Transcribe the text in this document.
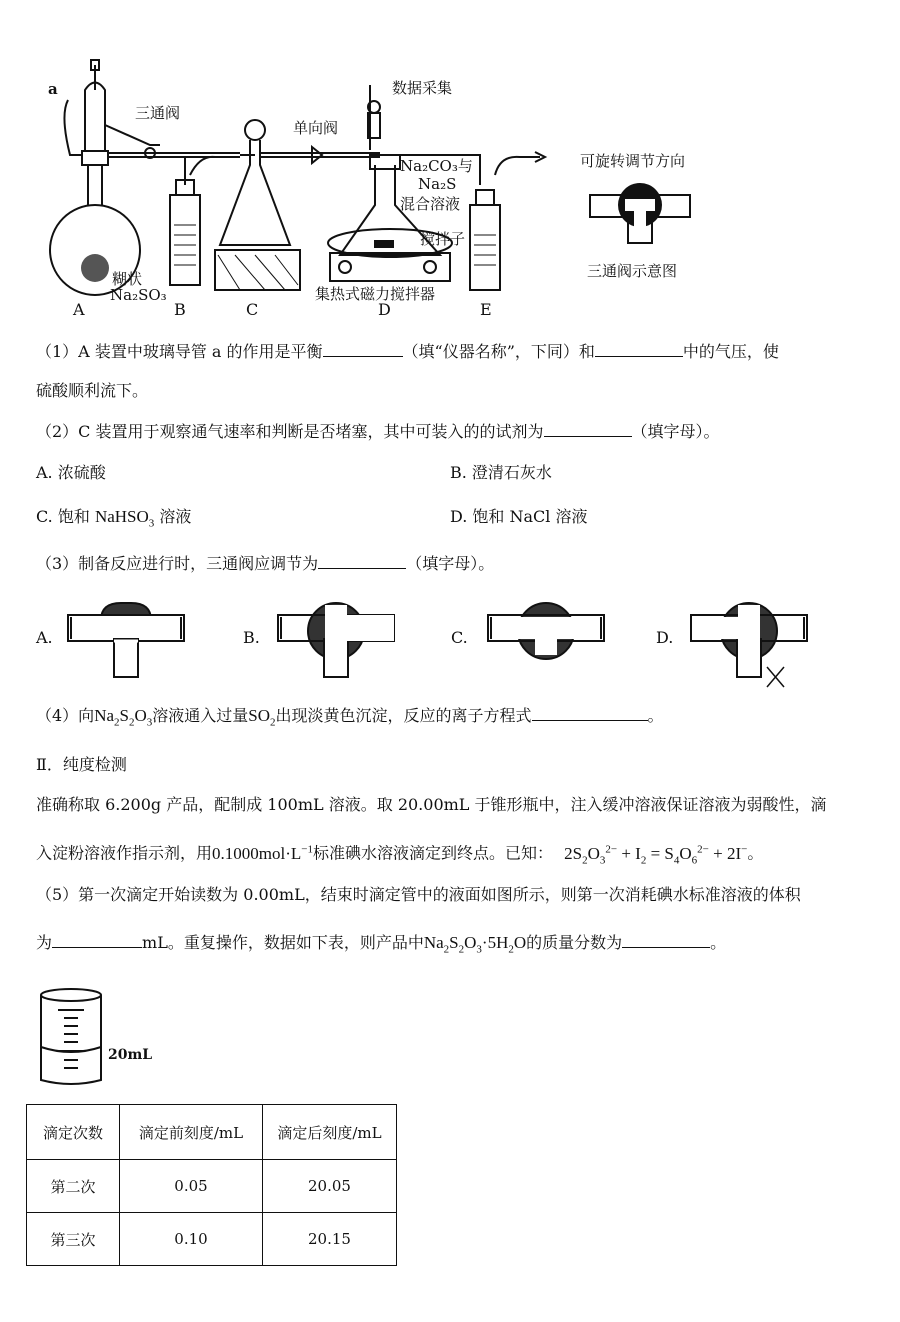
a
三通阀
单向阀
数据采集
Na₂CO₃与
Na₂S
混合溶液
搅拌子
糊状
Na₂SO₃	集热式磁力搅拌器
A	B	C	D	E
可旋转调节方向
三通阀示意图
（1）A 装置中玻璃导管 a 的作用是平衡	（填“仪器名称”，下同）和	中的气压，使
硫酸顺利流下。
（2）C 装置用于观察通气速率和判断是否堵塞，其中可装入的的试剂为	（填字母）。
A. 浓硫酸	B. 澄清石灰水
C. 饱和 NaHSO$_3$ 溶液	D. 饱和 NaCl 溶液
（3）制备反应进行时，三通阀应调节为	（填字母）。
A.	B.	C.	D.
（4）向$Na_2S_2O_3$溶液通入过量$SO_2$出现淡黄色沉淀，反应的离子方程式	。
Ⅱ．纯度检测
准确称取 6.200g 产品，配制成 100mL 溶液。取 20.00mL 于锥形瓶中，注入缓冲溶液保证溶液为弱酸性，滴
入淀粉溶液作指示剂，用$0.1000mol\cdot L^{-1}$标准碘水溶液滴定到终点。已知： $2S_2O_3^{2-} + I_2 = S_4O_6^{2-} + 2I^-$。
（5）第一次滴定开始读数为 0.00mL，结束时滴定管中的液面如图所示，则第一次消耗碘水标准溶液的体积
为	mL。重复操作，数据如下表，则产品中$Na_2S_2O_3\cdot 5H_2O$的质量分数为	。
20mL
滴定次数	滴定前刻度/mL	滴定后刻度/mL
第二次	0.05	20.05
第三次	0.10	20.15
